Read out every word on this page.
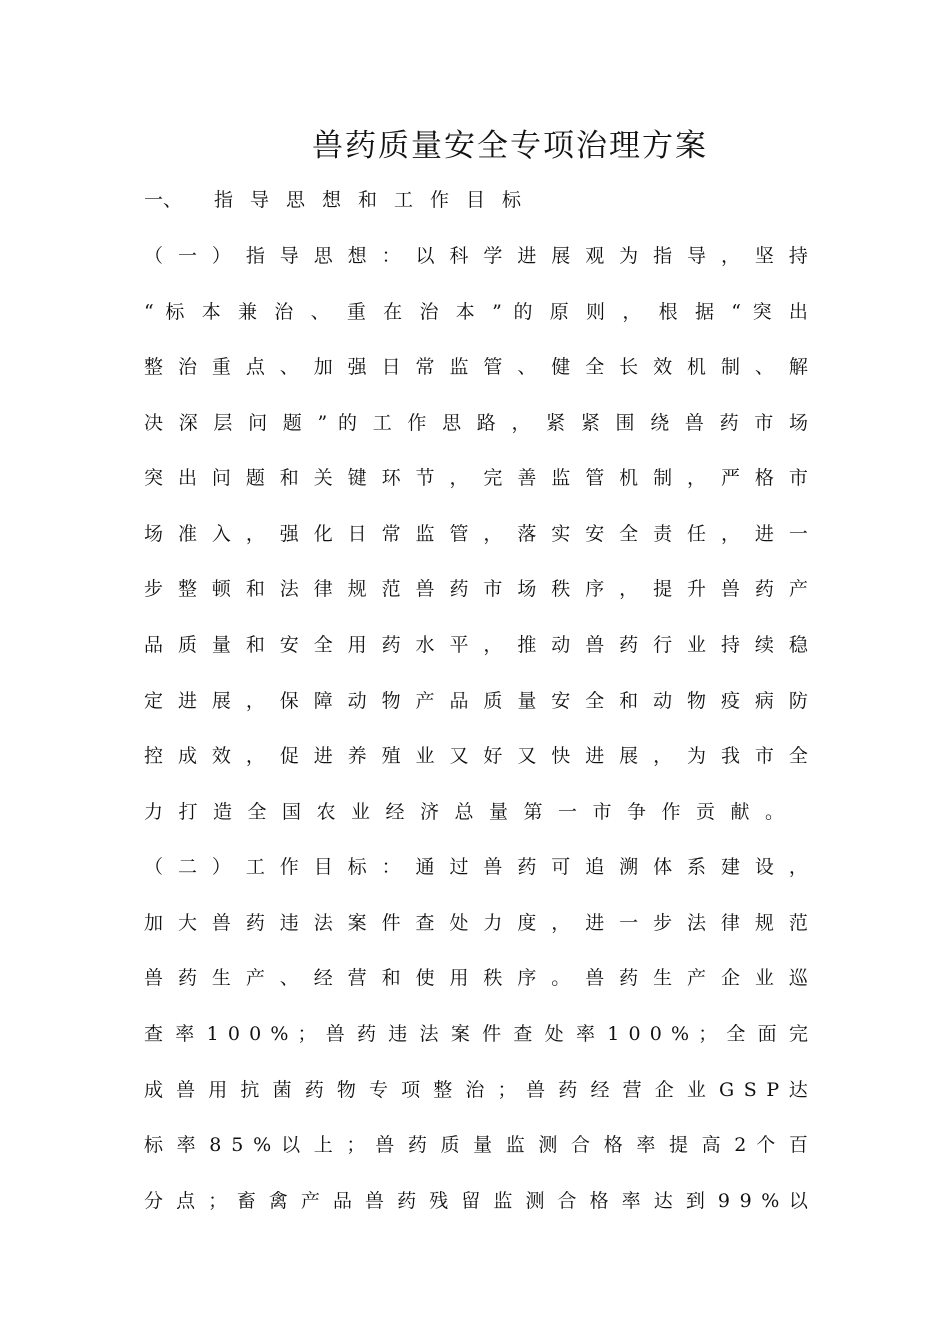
兽药质量安全专项治理方案
一、 指导思想和工作目标
（ 一 ） 指 导 思 想 ： 以 科 学 进 展 观 为 指 导 ， 坚 持
“ 标 本 兼 治 、 重 在 治 本 ” 的 原 则 ， 根 据 “ 突 出
整 治 重 点 、 加 强 日 常 监 管 、 健 全 长 效 机 制 、 解
决 深 层 问 题 ” 的 工 作 思 路 ， 紧 紧 围 绕 兽 药 市 场
突 出 问 题 和 关 键 环 节 ， 完 善 监 管 机 制 ， 严 格 市
场 准 入 ， 强 化 日 常 监 管 ， 落 实 安 全 责 任 ， 进 一
步 整 顿 和 法 律 规 范 兽 药 市 场 秩 序 ， 提 升 兽 药 产
品 质 量 和 安 全 用 药 水 平 ， 推 动 兽 药 行 业 持 续 稳
定 进 展 ， 保 障 动 物 产 品 质 量 安 全 和 动 物 疫 病 防
控 成 效 ， 促 进 养 殖 业 又 好 又 快 进 展 ， 为 我 市 全
力打造全国农业经济总量第一市争作贡献。
（ 二 ） 工 作 目 标 ： 通 过 兽 药 可 追 溯 体 系 建 设 ，
加 大 兽 药 违 法 案 件 查 处 力 度 ， 进 一 步 法 律 规 范
兽 药 生 产 、 经 营 和 使 用 秩 序 。 兽 药 生 产 企 业 巡
查 率 1 0 0 % ； 兽 药 违 法 案 件 查 处 率 1 0 0 % ； 全 面 完
成 兽 用 抗 菌 药 物 专 项 整 治 ； 兽 药 经 营 企 业 G S P 达
标 率 8 5 % 以 上 ； 兽 药 质 量 监 测 合 格 率 提 高 2 个 百
分 点 ； 畜 禽 产 品 兽 药 残 留 监 测 合 格 率 达 到 9 9 % 以
